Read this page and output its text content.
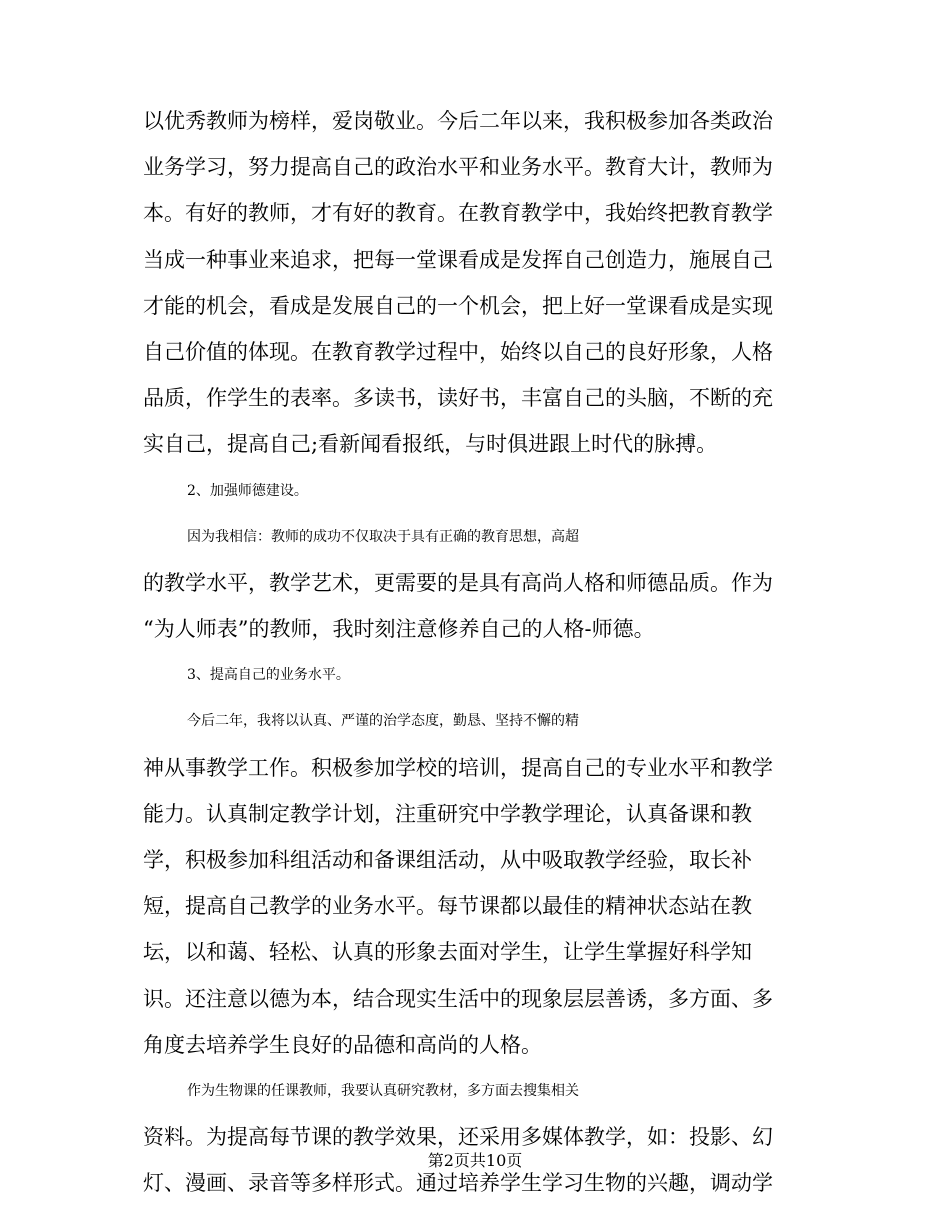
以优秀教师为榜样，爱岗敬业。今后二年以来，我积极参加各类政治
业务学习，努力提高自己的政治水平和业务水平。教育大计，教师为
本。有好的教师，才有好的教育。在教育教学中，我始终把教育教学
当成一种事业来追求，把每一堂课看成是发挥自己创造力，施展自己
才能的机会，看成是发展自己的一个机会，把上好一堂课看成是实现
自己价值的体现。在教育教学过程中，始终以自己的良好形象，人格
品质，作学生的表率。多读书，读好书，丰富自己的头脑，不断的充
实自己，提高自己;看新闻看报纸，与时俱进跟上时代的脉搏。
2、加强师德建设。
因为我相信：教师的成功不仅取决于具有正确的教育思想，高超
的教学水平，教学艺术，更需要的是具有高尚人格和师德品质。作为
“为人师表”的教师，我时刻注意修养自己的人格-师德。
3、提高自己的业务水平。
今后二年，我将以认真、严谨的治学态度，勤恳、坚持不懈的精
神从事教学工作。积极参加学校的培训，提高自己的专业水平和教学
能力。认真制定教学计划，注重研究中学教学理论，认真备课和教
学，积极参加科组活动和备课组活动，从中吸取教学经验，取长补
短，提高自己教学的业务水平。每节课都以最佳的精神状态站在教
坛，以和蔼、轻松、认真的形象去面对学生，让学生掌握好科学知
识。还注意以德为本，结合现实生活中的现象层层善诱，多方面、多
角度去培养学生良好的品德和高尚的人格。
作为生物课的任课教师，我要认真研究教材，多方面去搜集相关
资料。为提高每节课的教学效果，还采用多媒体教学，如：投影、幻
灯、漫画、录音等多样形式。通过培养学生学习生物的兴趣，调动学
第2页共10页
